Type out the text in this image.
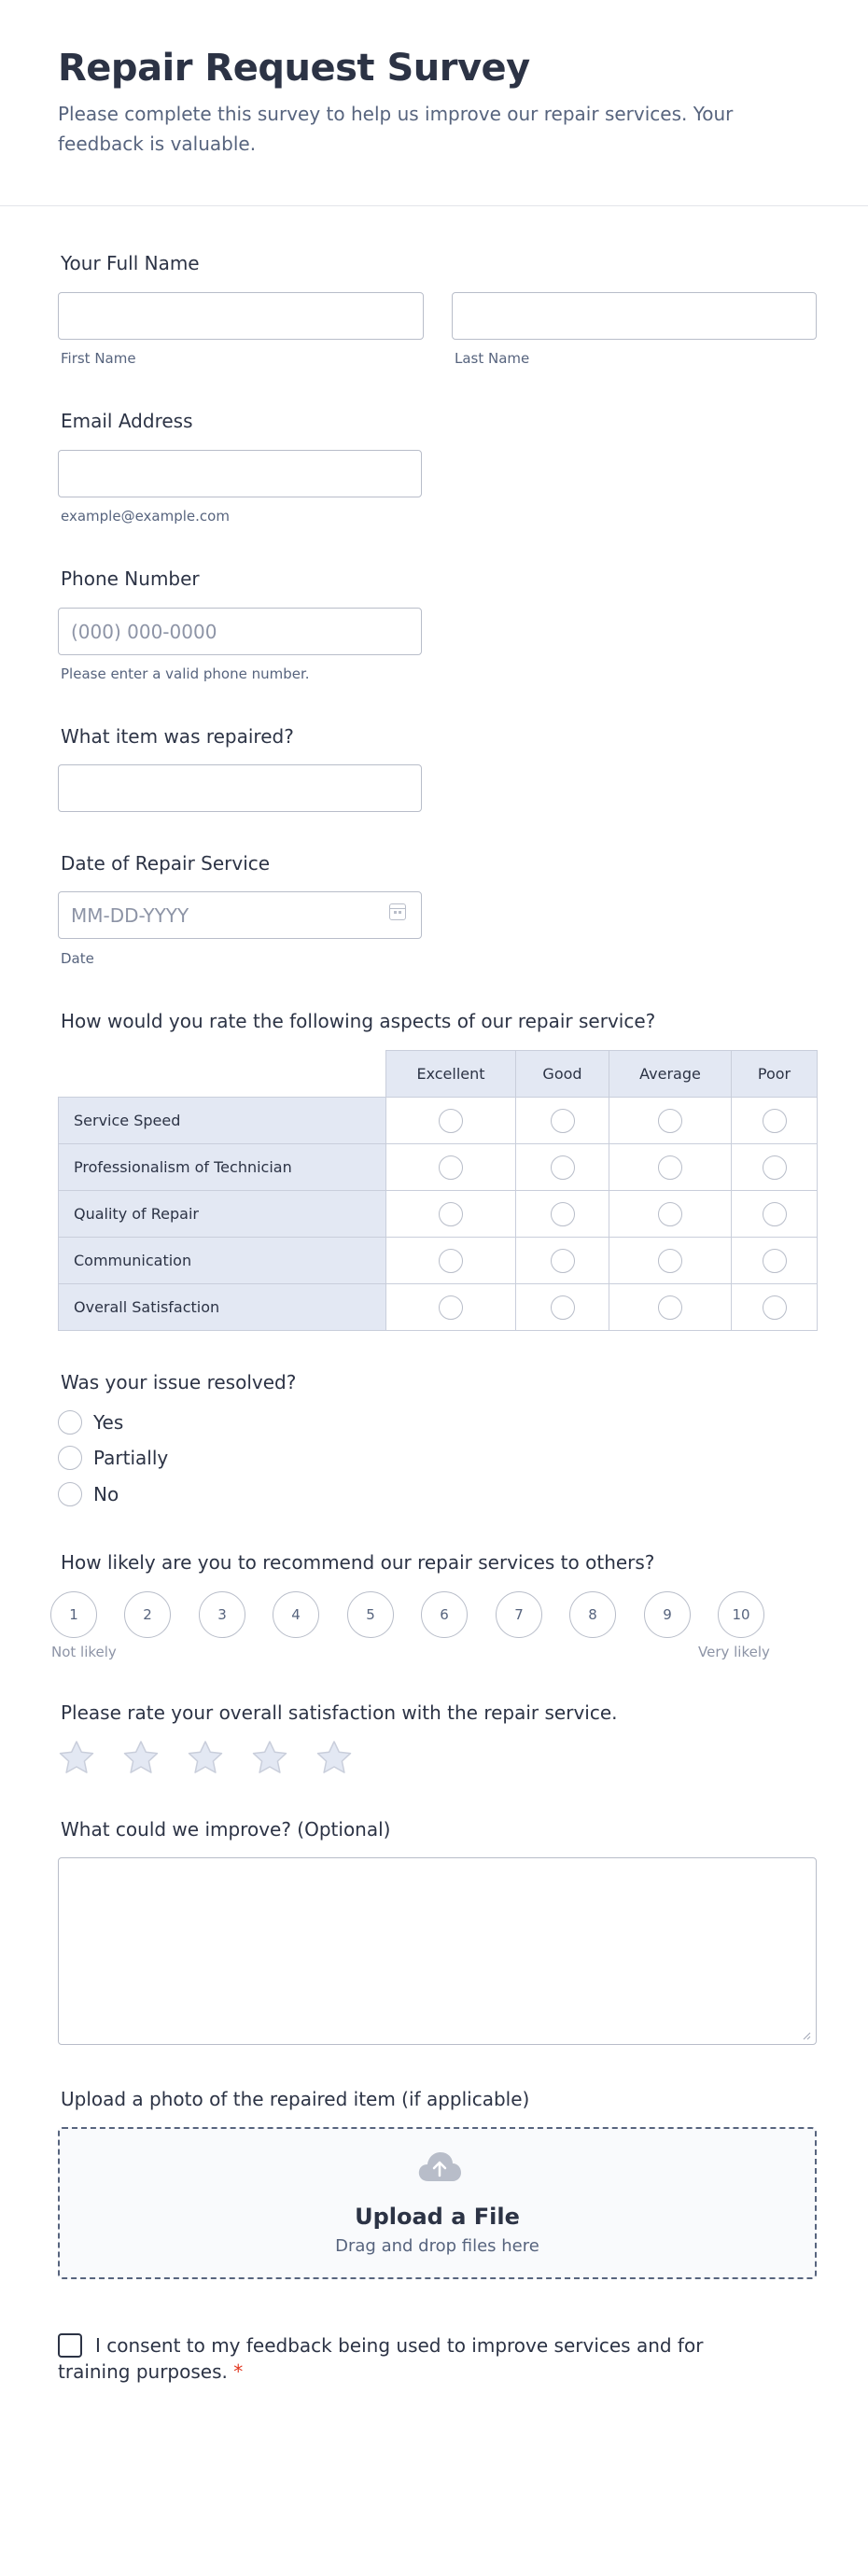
Repair Request Survey

Please complete this survey to help us improve our repair services. Your feedback is valuable.

Your Full Name
First Name	Last Name
Email Address
example@example.com
Phone Number
(000) 000-0000
Please enter a valid phone number.
What item was repaired?
Date of Repair Service
MM-DD-YYYY
Date
How would you rate the following aspects of our repair service?
	Excellent	Good	Average	Poor
Service Speed				
Professionalism of Technician				
Quality of Repair				
Communication				
Overall Satisfaction				
Was your issue resolved?
Yes
Partially
No
How likely are you to recommend our repair services to others?
1	2	3	4	5	6	7	8	9	10
Not likely	Very likely
Please rate your overall satisfaction with the repair service.
What could we improve? (Optional)
Upload a photo of the repaired item (if applicable)
Upload a File
Drag and drop files here
I consent to my feedback being used to improve services and for training purposes. *
